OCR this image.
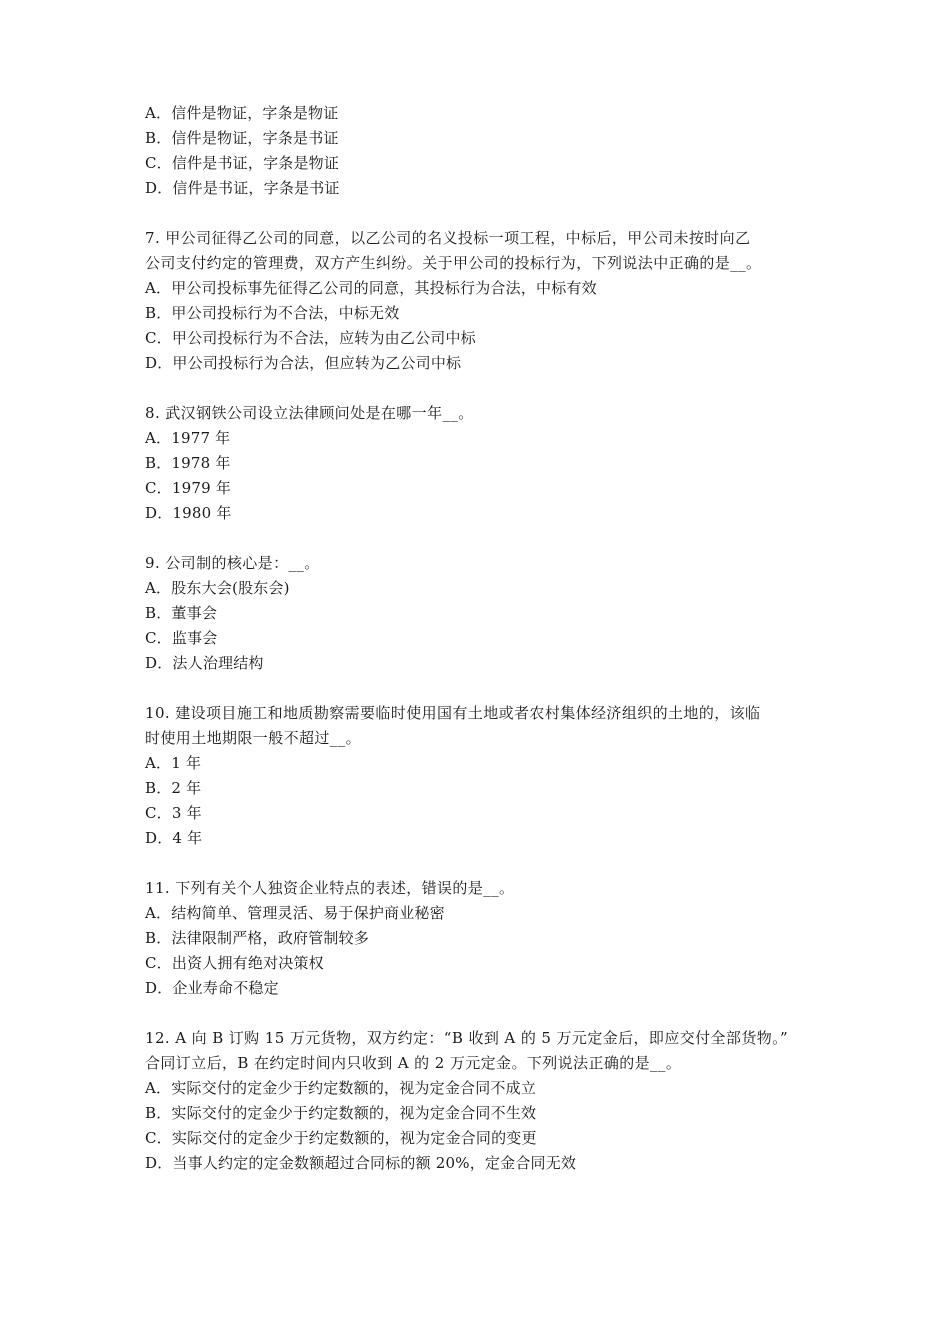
A．信件是物证，字条是物证
B．信件是物证，字条是书证
C．信件是书证，字条是物证
D．信件是书证，字条是书证
7. 甲公司征得乙公司的同意，以乙公司的名义投标一项工程，中标后，甲公司未按时向乙
公司支付约定的管理费，双方产生纠纷。关于甲公司的投标行为，下列说法中正确的是__。
A．甲公司投标事先征得乙公司的同意，其投标行为合法，中标有效
B．甲公司投标行为不合法，中标无效
C．甲公司投标行为不合法，应转为由乙公司中标
D．甲公司投标行为合法，但应转为乙公司中标
8. 武汉钢铁公司设立法律顾问处是在哪一年__。
A．1977 年
B．1978 年
C．1979 年
D．1980 年
9. 公司制的核心是：__。
A．股东大会(股东会)
B．董事会
C．监事会
D．法人治理结构
10. 建设项目施工和地质勘察需要临时使用国有土地或者农村集体经济组织的土地的，该临
时使用土地期限一般不超过__。
A．1 年
B．2 年
C．3 年
D．4 年
11. 下列有关个人独资企业特点的表述，错误的是__。
A．结构简单、管理灵活、易于保护商业秘密
B．法律限制严格，政府管制较多
C．出资人拥有绝对决策权
D．企业寿命不稳定
12. A 向 B 订购 15 万元货物，双方约定：“B 收到 A 的 5 万元定金后，即应交付全部货物。”
合同订立后，B 在约定时间内只收到 A 的 2 万元定金。下列说法正确的是__。
A．实际交付的定金少于约定数额的，视为定金合同不成立
B．实际交付的定金少于约定数额的，视为定金合同不生效
C．实际交付的定金少于约定数额的，视为定金合同的变更
D．当事人约定的定金数额超过合同标的额 20%，定金合同无效
